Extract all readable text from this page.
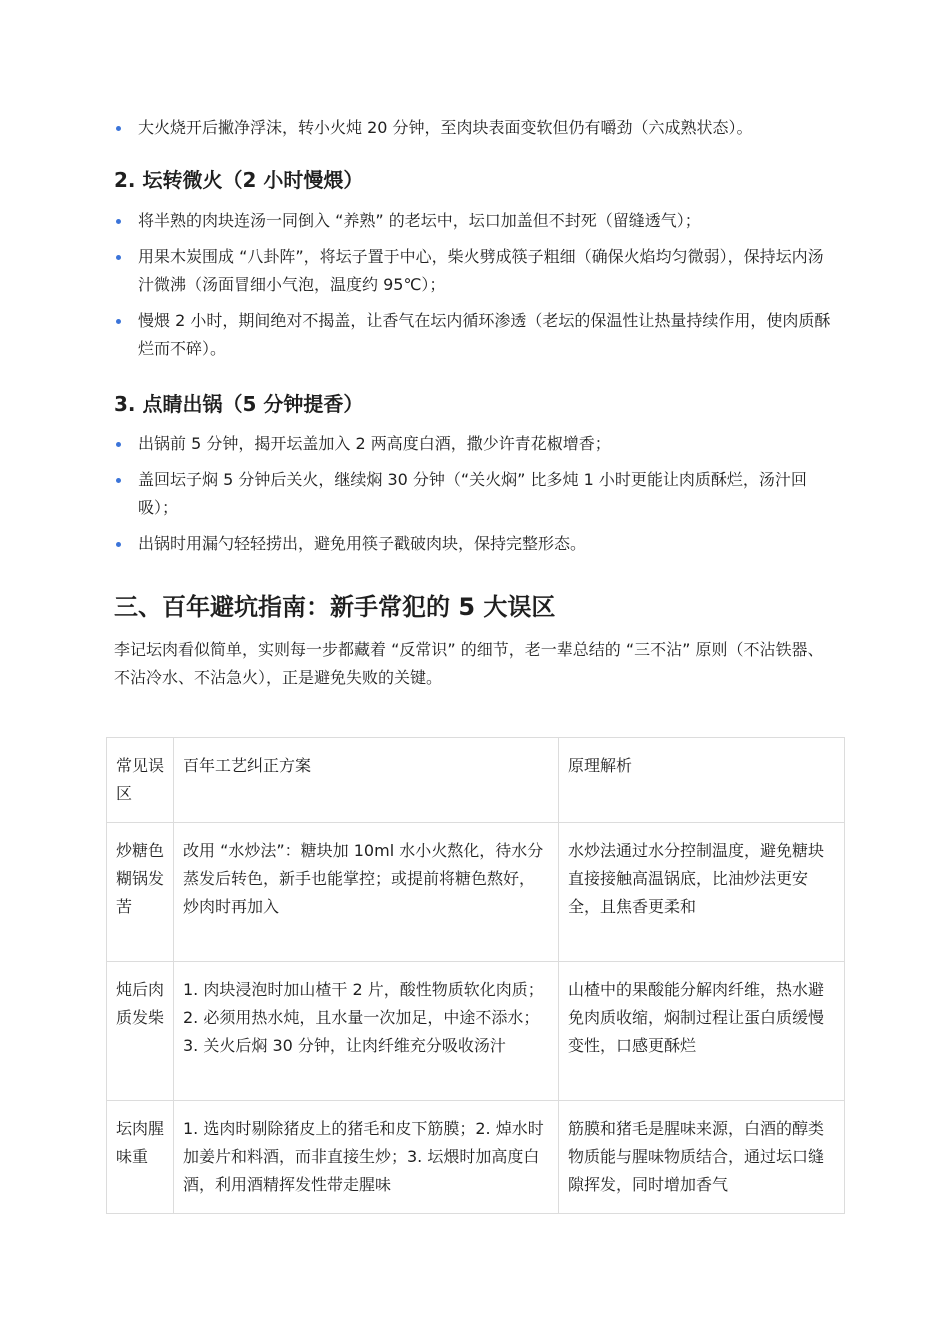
大火烧开后撇净浮沫，转小火炖 20 分钟，至肉块表面变软但仍有嚼劲（六成熟状态）。
2. 坛转微火（2 小时慢煨）
将半熟的肉块连汤一同倒入 “养熟” 的老坛中，坛口加盖但不封死（留缝透气）；
用果木炭围成 “八卦阵”，将坛子置于中心，柴火劈成筷子粗细（确保火焰均匀微弱），保持坛内汤汁微沸（汤面冒细小气泡，温度约 95℃）；
慢煨 2 小时，期间绝对不揭盖，让香气在坛内循环渗透（老坛的保温性让热量持续作用，使肉质酥烂而不碎）。
3. 点睛出锅（5 分钟提香）
出锅前 5 分钟，揭开坛盖加入 2 两高度白酒，撒少许青花椒增香；
盖回坛子焖 5 分钟后关火，继续焖 30 分钟（“关火焖” 比多炖 1 小时更能让肉质酥烂，汤汁回吸）；
出锅时用漏勺轻轻捞出，避免用筷子戳破肉块，保持完整形态。
三、百年避坑指南：新手常犯的 5 大误区

李记坛肉看似简单，实则每一步都藏着 “反常识” 的细节，老一辈总结的 “三不沾” 原则（不沾铁器、不沾冷水、不沾急火），正是避免失败的关键。

常见误区	百年工艺纠正方案	原理解析
炒糖色糊锅发苦	改用 “水炒法”：糖块加 10ml 水小火熬化，待水分蒸发后转色，新手也能掌控；或提前将糖色熬好，炒肉时再加入	水炒法通过水分控制温度，避免糖块直接接触高温锅底，比油炒法更安全，且焦香更柔和
炖后肉质发柴	1. 肉块浸泡时加山楂干 2 片，酸性物质软化肉质；2. 必须用热水炖，且水量一次加足，中途不添水；3. 关火后焖 30 分钟，让肉纤维充分吸收汤汁	山楂中的果酸能分解肉纤维，热水避免肉质收缩，焖制过程让蛋白质缓慢变性，口感更酥烂
坛肉腥味重	1. 选肉时剔除猪皮上的猪毛和皮下筋膜；2. 焯水时加姜片和料酒，而非直接生炒；3. 坛煨时加高度白酒，利用酒精挥发性带走腥味	筋膜和猪毛是腥味来源，白酒的醇类物质能与腥味物质结合，通过坛口缝隙挥发，同时增加香气
